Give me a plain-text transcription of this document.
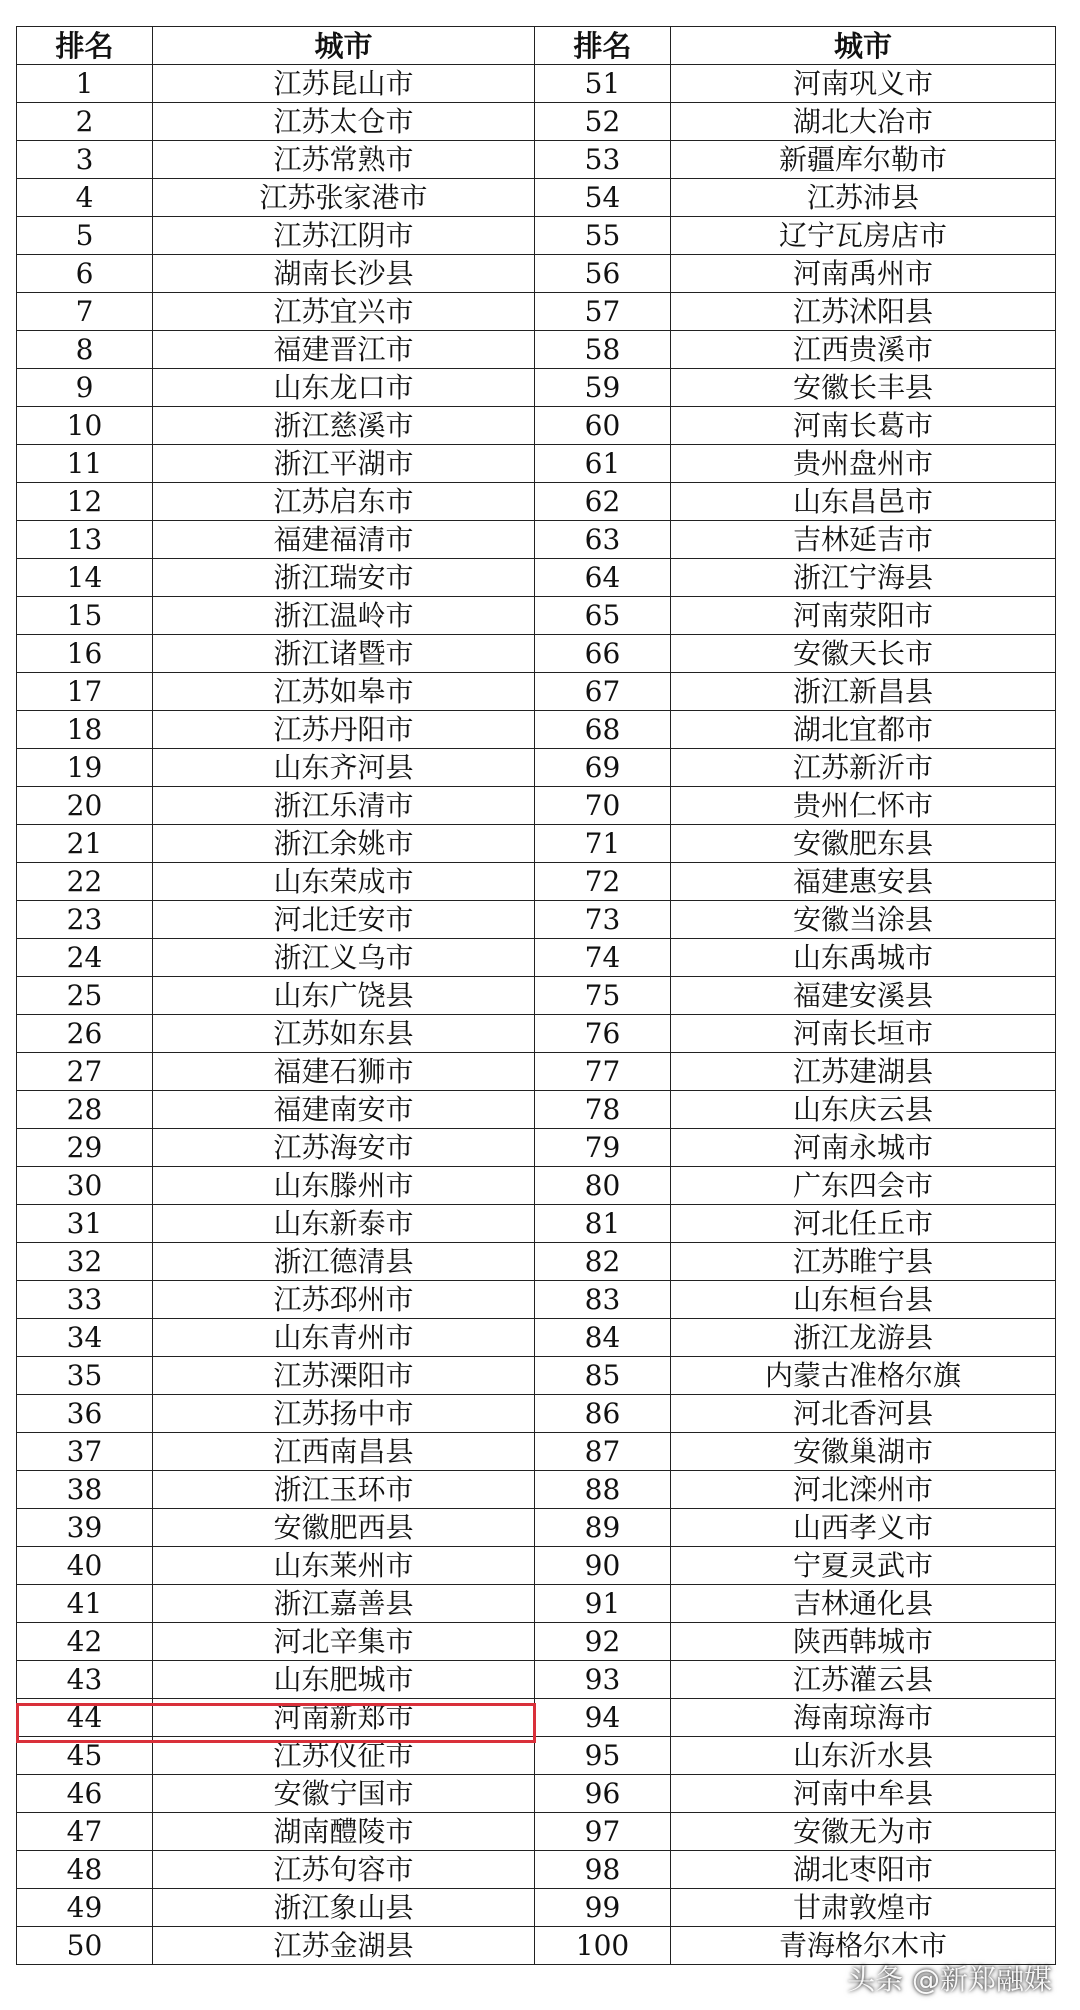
排名	城市	排名	城市
1	江苏昆山市	51	河南巩义市
2	江苏太仓市	52	湖北大冶市
3	江苏常熟市	53	新疆库尔勒市
4	江苏张家港市	54	江苏沛县
5	江苏江阴市	55	辽宁瓦房店市
6	湖南长沙县	56	河南禹州市
7	江苏宜兴市	57	江苏沭阳县
8	福建晋江市	58	江西贵溪市
9	山东龙口市	59	安徽长丰县
10	浙江慈溪市	60	河南长葛市
11	浙江平湖市	61	贵州盘州市
12	江苏启东市	62	山东昌邑市
13	福建福清市	63	吉林延吉市
14	浙江瑞安市	64	浙江宁海县
15	浙江温岭市	65	河南荥阳市
16	浙江诸暨市	66	安徽天长市
17	江苏如皋市	67	浙江新昌县
18	江苏丹阳市	68	湖北宜都市
19	山东齐河县	69	江苏新沂市
20	浙江乐清市	70	贵州仁怀市
21	浙江余姚市	71	安徽肥东县
22	山东荣成市	72	福建惠安县
23	河北迁安市	73	安徽当涂县
24	浙江义乌市	74	山东禹城市
25	山东广饶县	75	福建安溪县
26	江苏如东县	76	河南长垣市
27	福建石狮市	77	江苏建湖县
28	福建南安市	78	山东庆云县
29	江苏海安市	79	河南永城市
30	山东滕州市	80	广东四会市
31	山东新泰市	81	河北任丘市
32	浙江德清县	82	江苏睢宁县
33	江苏邳州市	83	山东桓台县
34	山东青州市	84	浙江龙游县
35	江苏溧阳市	85	内蒙古准格尔旗
36	江苏扬中市	86	河北香河县
37	江西南昌县	87	安徽巢湖市
38	浙江玉环市	88	河北滦州市
39	安徽肥西县	89	山西孝义市
40	山东莱州市	90	宁夏灵武市
41	浙江嘉善县	91	吉林通化县
42	河北辛集市	92	陕西韩城市
43	山东肥城市	93	江苏灌云县
44	河南新郑市	94	海南琼海市
45	江苏仪征市	95	山东沂水县
46	安徽宁国市	96	河南中牟县
47	湖南醴陵市	97	安徽无为市
48	江苏句容市	98	湖北枣阳市
49	浙江象山县	99	甘肃敦煌市
50	江苏金湖县	100	青海格尔木市
头条 @新郑融媒
